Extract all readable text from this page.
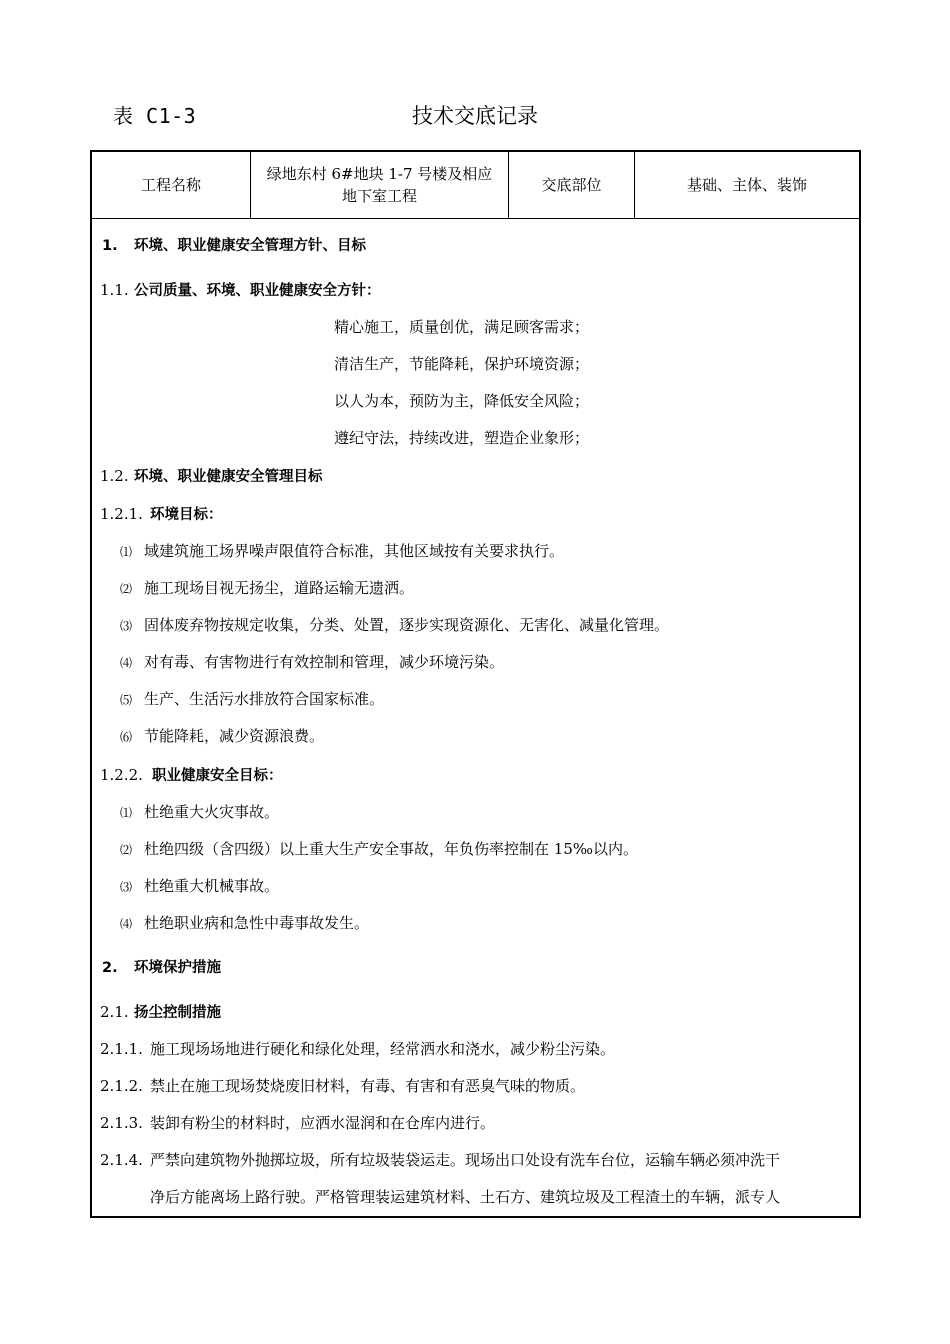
表 C1-3	技术交底记录
工程名称
绿地东村 6#地块 1-7 号楼及相应
地下室工程
交底部位	基础、主体、装饰
1. 环境、职业健康安全管理方针、目标
1.1. 公司质量、环境、职业健康安全方针：
精心施工，质量创优，满足顾客需求；
清洁生产，节能降耗，保护环境资源；
以人为本，预防为主，降低安全风险；
遵纪守法，持续改进，塑造企业象形；
1.2. 环境、职业健康安全管理目标
1.2.1. 环境目标：
⑴ 域建筑施工场界噪声限值符合标准，其他区域按有关要求执行。
⑵ 施工现场目视无扬尘，道路运输无遗洒。
⑶ 固体废弃物按规定收集，分类、处置，逐步实现资源化、无害化、减量化管理。
⑷ 对有毒、有害物进行有效控制和管理，减少环境污染。
⑸ 生产、生活污水排放符合国家标准。
⑹ 节能降耗，减少资源浪费。
1.2.2. 职业健康安全目标：
⑴ 杜绝重大火灾事故。
⑵ 杜绝四级（含四级）以上重大生产安全事故，年负伤率控制在 15‰以内。
⑶ 杜绝重大机械事故。
⑷ 杜绝职业病和急性中毒事故发生。
2. 环境保护措施
2.1. 扬尘控制措施
2.1.1. 施工现场场地进行硬化和绿化处理，经常洒水和浇水，减少粉尘污染。
2.1.2. 禁止在施工现场焚烧废旧材料，有毒、有害和有恶臭气味的物质。
2.1.3. 装卸有粉尘的材料时，应洒水湿润和在仓库内进行。
2.1.4. 严禁向建筑物外抛掷垃圾，所有垃圾装袋运走。现场出口处设有洗车台位，运输车辆必须冲洗干
净后方能离场上路行驶。严格管理装运建筑材料、土石方、建筑垃圾及工程渣土的车辆，派专人
